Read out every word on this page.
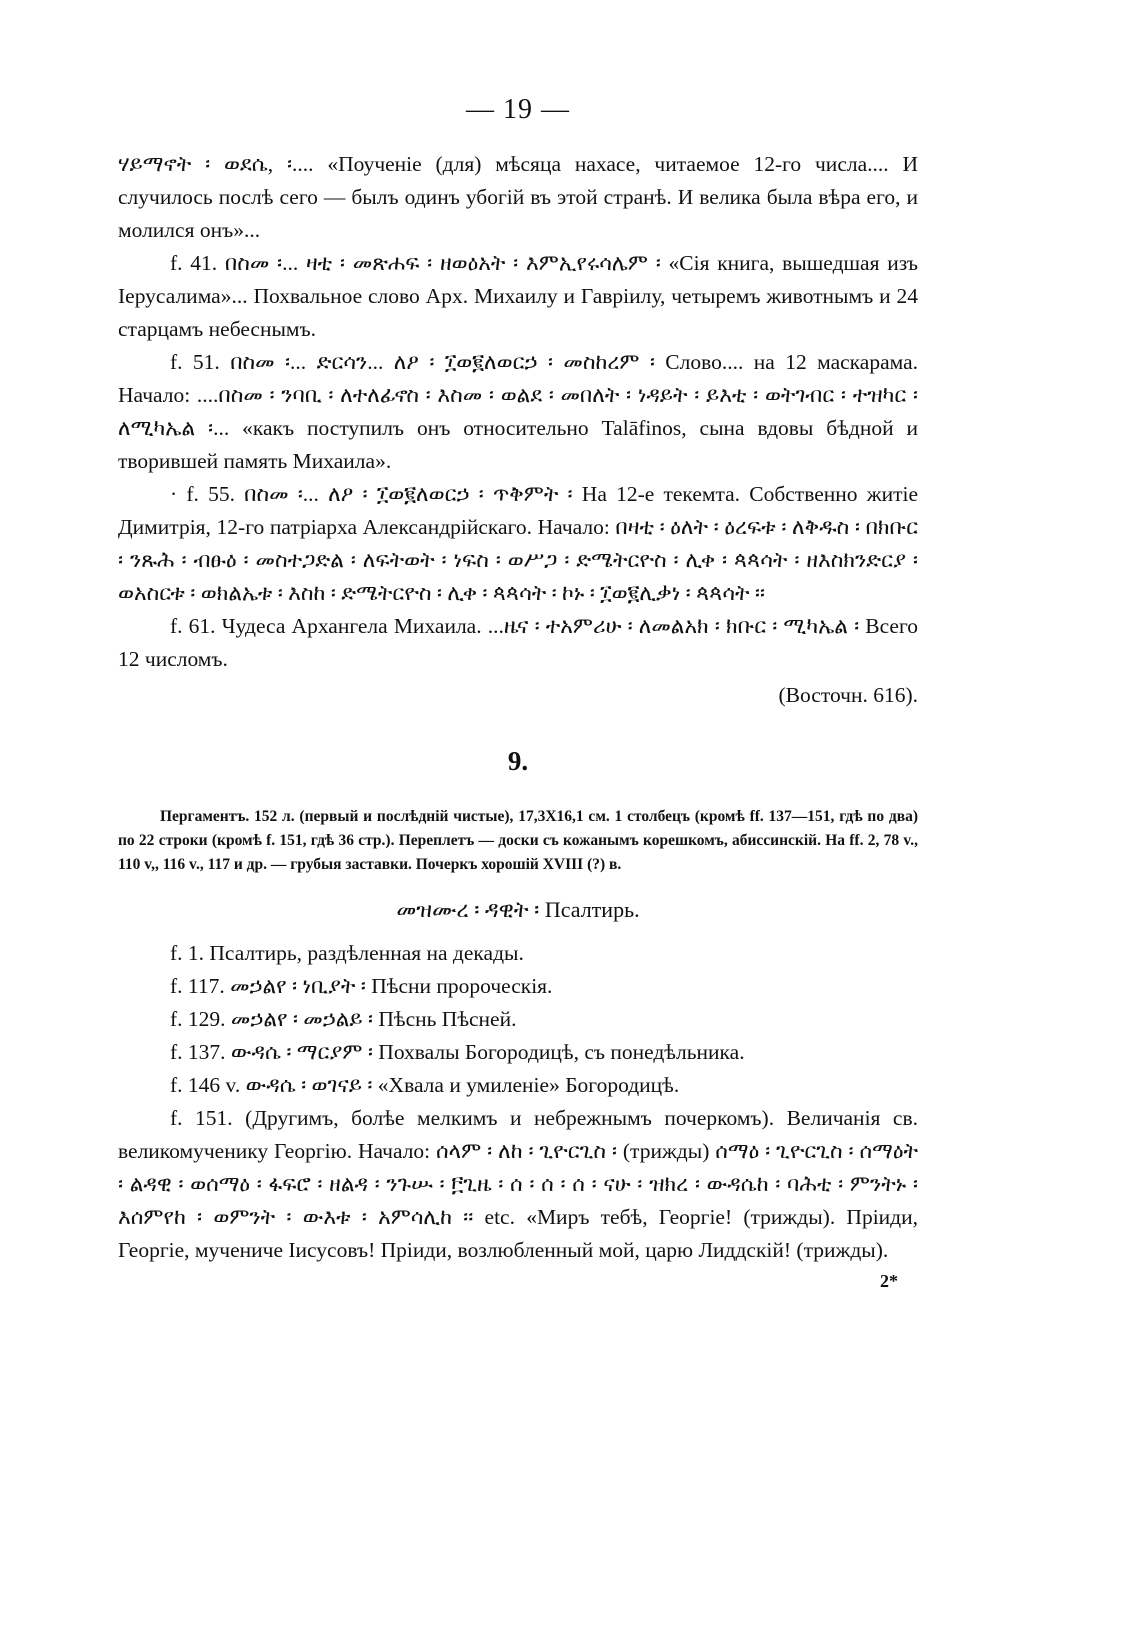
— 19 —

ሃይማኖት ፡ ወደሴ, ፡.... «Поученіе (для) мѣсяца нахасе, читаемое 12-го числа.... И случилось послѣ сего — былъ одинъ убогій въ этой странѣ. И велика была вѣра его, и молился онъ»...

f. 41. በስመ ፡... ዛቲ ፡ መጽሐፍ ፡ ዘወዕአት ፡ እምኢየሩሳሌም ፡ «Сія книга, вышедшая изъ Іерусалима»... Похвальное слово Арх. Михаилу и Гавріилу, четыремъ животнымъ и 24 старцамъ небеснымъ.

f. 51. በስመ ፡... ድርሳን... ለዖ ፡ ፲ወ፪ለወርኃ ፡ መስከረም ፡ Слово.... на 12 маскарама. Начало: ....በስመ ፡ ንባቢ ፡ ለተለፊኖስ ፡ እስመ ፡ ወልደ ፡ መበለት ፡ ነዳይት ፡ ይእቲ ፡ ወትገብር ፡ ተዝካር ፡ ለሚካኤል ፡... «какъ поступилъ онъ относительно Talāfinos, сына вдовы бѣдной и творившей память Михаила».

· f. 55. በስመ ፡... ለዖ ፡ ፲ወ፪ለወርኃ ፡ ጥቅምት ፡ На 12-е текемта. Собственно житіе Димитрія, 12-го патріарха Александрійскаго. Начало: በዛቲ ፡ ዕለት ፡ ዕረፍቱ ፡ ለቅዱስ ፡ በክቡር ፡ ንጹሕ ፡ ብፁዕ ፡ መስተጋድል ፡ ለፍትወት ፡ ነፍስ ፡ ወሥጋ ፡ ድሜትርዮስ ፡ ሊቀ ፡ ጳጳሳት ፡ ዘእስክንድርያ ፡ ወአስርቱ ፡ ወክልኤቱ ፡ እስከ ፡ ድሜትርዮስ ፡ ሊቀ ፡ ጳጳሳት ፡ ኮኑ ፡ ፲ወ፪ሊቃነ ፡ ጳጳሳት ፡፡

f. 61. Чудеса Архангела Михаила. ...ዜና ፡ ተአምሪሁ ፡ ለመልአክ ፡ ክቡር ፡ ሚካኤል ፡ Всего 12 числомъ.

(Восточн. 616).
9.

Пергаментъ. 152 л. (первый и послѣдній чистые), 17,3X16,1 см. 1 столбецъ (кромѣ ff. 137—151, гдѣ по два) по 22 строки (кромѣ f. 151, гдѣ 36 стр.). Переплетъ — доски съ кожанымъ корешкомъ, абиссинскій. На ff. 2, 78 v., 110 v,, 116 v., 117 и др. — грубыя заставки. Почеркъ хорошій XVIII (?) в.

መዝሙረ ፡ ዳዊት ፡ Псалтирь.

f. 1. Псалтирь, раздѣленная на декады.

f. 117. መኃልየ ፡ ነቢያት ፡ Пѣсни пророческія.

f. 129. መኃልየ ፡ መኃልይ ፡ Пѣснь Пѣсней.

f. 137. ውዳሴ ፡ ማርያም ፡ Похвалы Богородицѣ, съ понедѣльника.

f. 146 v. ውዳሴ ፡ ወገናይ ፡ «Хвала и умиленіе» Богородицѣ.

f. 151. (Другимъ, болѣе мелкимъ и небрежнымъ почеркомъ). Величанія св. великомученику Георгію. Начало: ሰላም ፡ ለከ ፡ ጊዮርጊስ ፡ (трижды) ሰማዕ ፡ ጊዮርጊስ ፡ ሰማዕት ፡ ልዳዊ ፡ ወሰማዕ ፡ ፋፍሮ ፡ ዘልዳ ፡ ንጉሡ ፡ ፫ጊዜ ፡ ሰ ፡ ሰ ፡ ሰ ፡ ናሁ ፡ ዝክረ ፡ ውዳሴከ ፡ ባሕቲ ፡ ምንትኑ ፡ እሰምየከ ፡ ወምንት ፡ ውእቱ ፡ አምሳሊከ ፡፡ etc. «Миръ тебѣ, Георгіе! (трижды). Пріиди, Георгіе, мучениче Іисусовъ! Пріиди, возлюбленный мой, царю Лиддскій! (трижды).

2*
